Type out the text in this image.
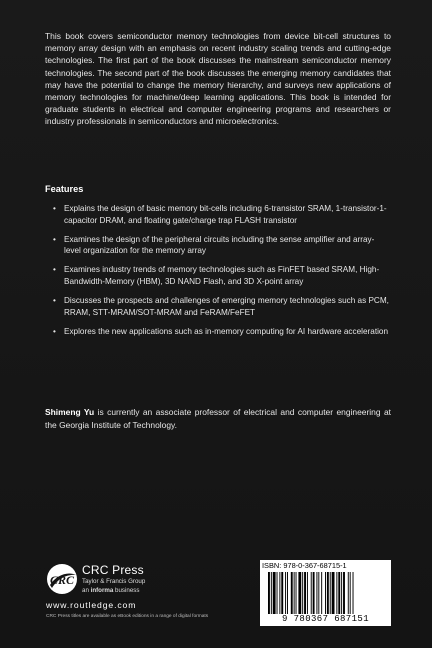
This book covers semiconductor memory technologies from device bit-cell structures to memory array design with an emphasis on recent industry scaling trends and cutting-edge technologies. The first part of the book discusses the mainstream semiconductor memory technologies. The second part of the book discusses the emerging memory candidates that may have the potential to change the memory hierarchy, and surveys new applications of memory technologies for machine/deep learning applications. This book is intended for graduate students in electrical and computer engineering programs and researchers or industry professionals in semiconductors and microelectronics.

Features
• Explains the design of basic memory bit-cells including 6-transistor SRAM, 1-transistor-1-capacitor DRAM, and floating gate/charge trap FLASH transistor
• Examines the design of the peripheral circuits including the sense amplifier and array-level organization for the memory array
• Examines industry trends of memory technologies such as FinFET based SRAM, High-Bandwidth-Memory (HBM), 3D NAND Flash, and 3D X-point array
• Discusses the prospects and challenges of emerging memory technologies such as PCM, RRAM, STT-MRAM/SOT-MRAM and FeRAM/FeFET
• Explores the new applications such as in-memory computing for AI hardware acceleration

Shimeng Yu is currently an associate professor of electrical and computer engineering at the Georgia Institute of Technology.

CRC

CRC Press

Taylor & Francis Group

an informa business

www.routledge.com

CRC Press titles are available as eBook editions in a range of digital formats

ISBN: 978-0-367-68715-1

9 780367 687151
